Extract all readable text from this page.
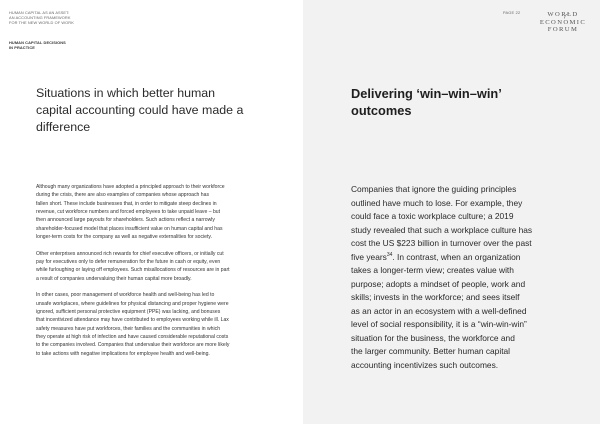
HUMAN CAPITAL AS AN ASSET:
AN ACCOUNTING FRAMEWORK
FOR THE NEW WORLD OF WORK
HUMAN CAPITAL DECISIONS
IN PRACTICE
Situations in which better human
capital accounting could have made a
difference

Although many organizations have adopted a principled approach to their workforce
during the crisis, there are also examples of companies whose approach has
fallen short. These include businesses that, in order to mitigate steep declines in
revenue, cut workforce numbers and forced employees to take unpaid leave – but
then announced large payouts for shareholders. Such actions reflect a narrowly
shareholder-focused model that places insufficient value on human capital and has
longer-term costs for the company as well as negative externalities for society.

Other enterprises announced rich rewards for chief executive officers, or initially cut
pay for executives only to defer remuneration for the future in cash or equity, even
while furloughing or laying off employees. Such misallocations of resources are in part
a result of companies undervaluing their human capital more broadly.

In other cases, poor management of workforce health and well-being has led to
unsafe workplaces, where guidelines for physical distancing and proper hygiene were
ignored, sufficient personal protective equipment (PPE) was lacking, and bonuses
that incentivized attendance may have contributed to employees working while ill. Lax
safety measures have put workforces, their families and the communities in which
they operate at high risk of infection and have caused considerable reputational costs
to the companies involved. Companies that undervalue their workforce are more likely
to take actions with negative implications for employee health and well-being.

PAGE 22	WORLD
ECONOMIC
FORUM
Delivering ‘win–win–win’
outcomes
Companies that ignore the guiding principles
outlined have much to lose. For example, they
could face a toxic workplace culture; a 2019
study revealed that such a workplace culture has
cost the US $223 billion in turnover over the past
five years$^{34}$. In contrast, when an organization
takes a longer-term view; creates value with
purpose; adopts a mindset of people, work and
skills; invests in the workforce; and sees itself
as an actor in an ecosystem with a well-defined
level of social responsibility, it is a “win-win-win”
situation for the business, the workforce and
the larger community. Better human capital
accounting incentivizes such outcomes.
